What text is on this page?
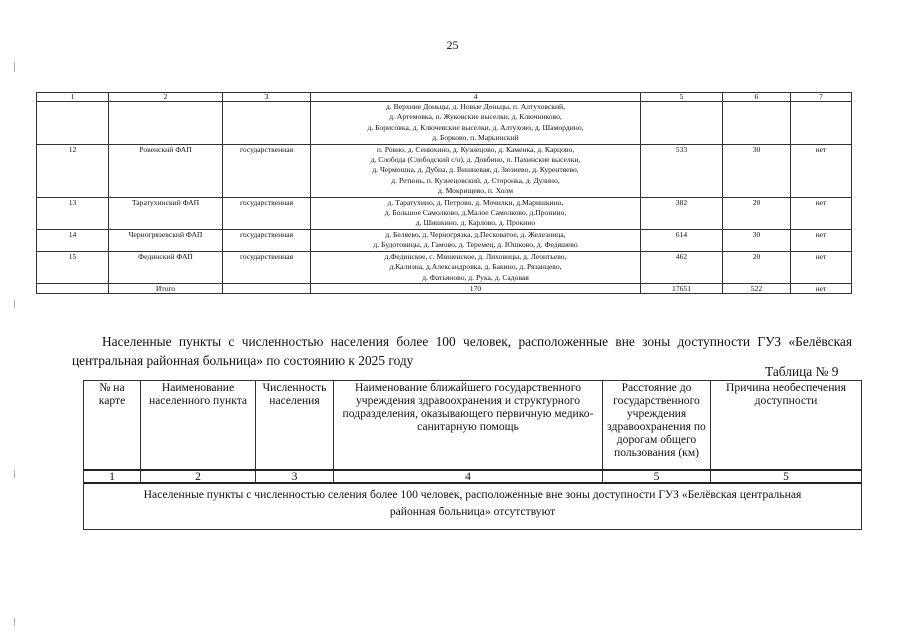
25
1	2	3	4	5	6	7

			д. Верхние Доньцы, д. Новые Доньцы, п. Алтуховский,
д. Артемовка, п. Жуковские выселки, д. Ключниково,
д. Борисовка, д. Ключевские выселки, д. Алтухово, д. Шамордино,
д. Борково, п. Марьинский			

12	Ровенский ФАП	государственная	п. Ровно, д. Сенюхино, д. Кузнецово, д. Каменка, д. Карцово,
д. Слобода (Слободский с/о), д. Довбино, п. Пахинские выселки,
д. Чермошна, д. Дубна, д. Вишневая, д. Зюзиево, д. Курентяево,
д. Ретюнь, п. Кузнецовский, д. Сторонка, д. Дулино,
д. Мокрищево, п. Холм	533	30	нет
13	Таратухинский ФАП	государственная	д. Таратухино, д. Петрово, д. Мочилки, д.Маришкино,
д. Большое Самолково, д.Малое Самолково, д.Пронино,
д. Шишкино, д. Карлово, д. Прокино	382	20	нет
14	Черногрязевский ФАП	государственная	д. Беляево, д. Черногрязка, д.Песковатое, д. Железница,
д. Будотовицы, д. Гамово, д. Теремец, д. Юшково, д. Федяшево	614	30	нет
15	Фединский ФАП	государственная	д.Фединское, с. Мишенское, д. Лиховицы, д. Леонтьево,
д.Калиэна, д.Александровка, д. Бакино, д. Рязанцево,
д. Фатьяново, д. Рука, д. Садовая	462	20	нет
	Итого		170	17651	522	нет
Населенные пункты с численностью населения более 100 человек, расположенные вне зоны доступности ГУЗ «Белёвская центральная районная больница» по состоянию к 2025 году
Таблица № 9
№ на карте	Наименование населенного пункта	Численность населения	Наименование ближайшего государственного учреждения здравоохранения и структурного подразделения, оказывающего первичную медико-санитарную помощь	Расстояние до государственного учреждения здравоохранения по дорогам общего пользования (км)	Причина необеспечения доступности
1	2	3	4	5	5

Населенные пункты с численностью селения более 100 человек, расположенные вне зоны доступности ГУЗ «Белёвская центральная
районная больница» отсутствуют					
